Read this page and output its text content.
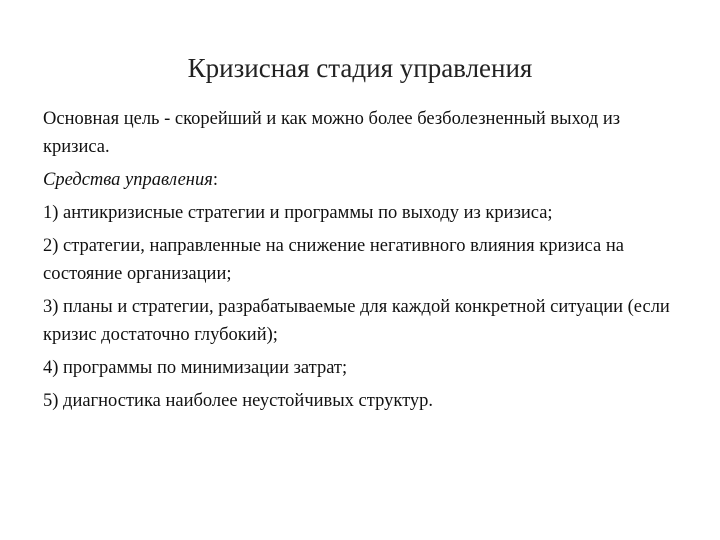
Кризисная стадия управления

Основная цель - скорейший и как можно более безболезненный выход из кризиса.

Средства управления:

1) антикризисные стратегии и программы по выходу из кризиса;

2) стратегии, направленные на снижение негативного влияния кризиса на состояние организации;

3) планы и стратегии, разрабатываемые для каждой конкретной ситуации (если кризис достаточно глубокий);

4) программы по минимизации затрат;

5) диагностика наиболее неустойчивых структур.
